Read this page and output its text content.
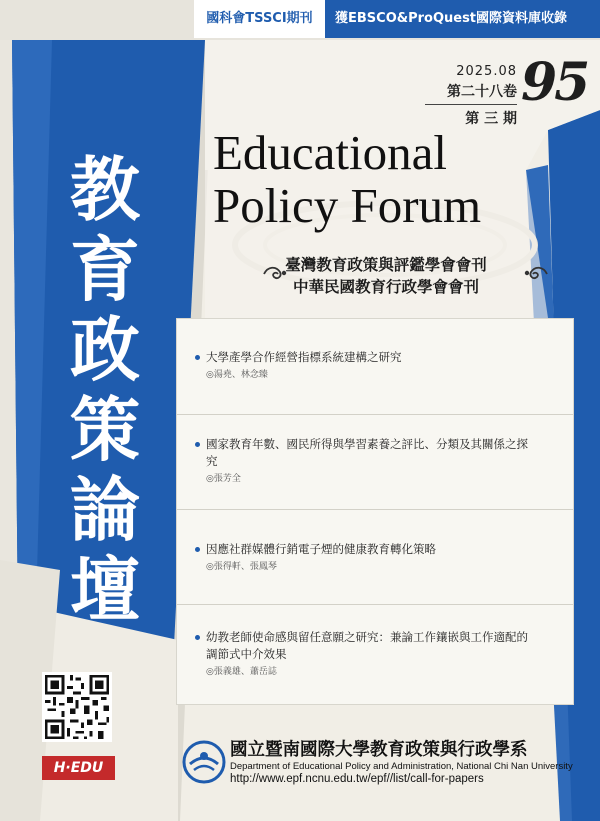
國科會TSSCI期刊	獲EBSCO&ProQuest國際資料庫收錄
2025.08
第二十八卷
第 三 期
95
Educational
Policy Forum
臺灣教育政策與評鑑學會會刊
中華民國教育行政學會會刊
教
育
政
策
論
壇
大學產學合作經營指標系統建構之研究
◎湯堯、林念臻
國家教育年數、國民所得與學習素養之評比、分類及其關係之探究
◎張芳全
因應社群媒體行銷電子煙的健康教育轉化策略
◎張得軒、張鳳琴
幼教老師使命感與留任意願之研究：兼論工作鑲嵌與工作適配的調節式中介效果
◎張義雄、蕭岳誌
H·EDU
國立暨南國際大學教育政策與行政學系
Department of Educational Policy and Administration, National Chi Nan University
http://www.epf.ncnu.edu.tw/epf//list/call-for-papers
